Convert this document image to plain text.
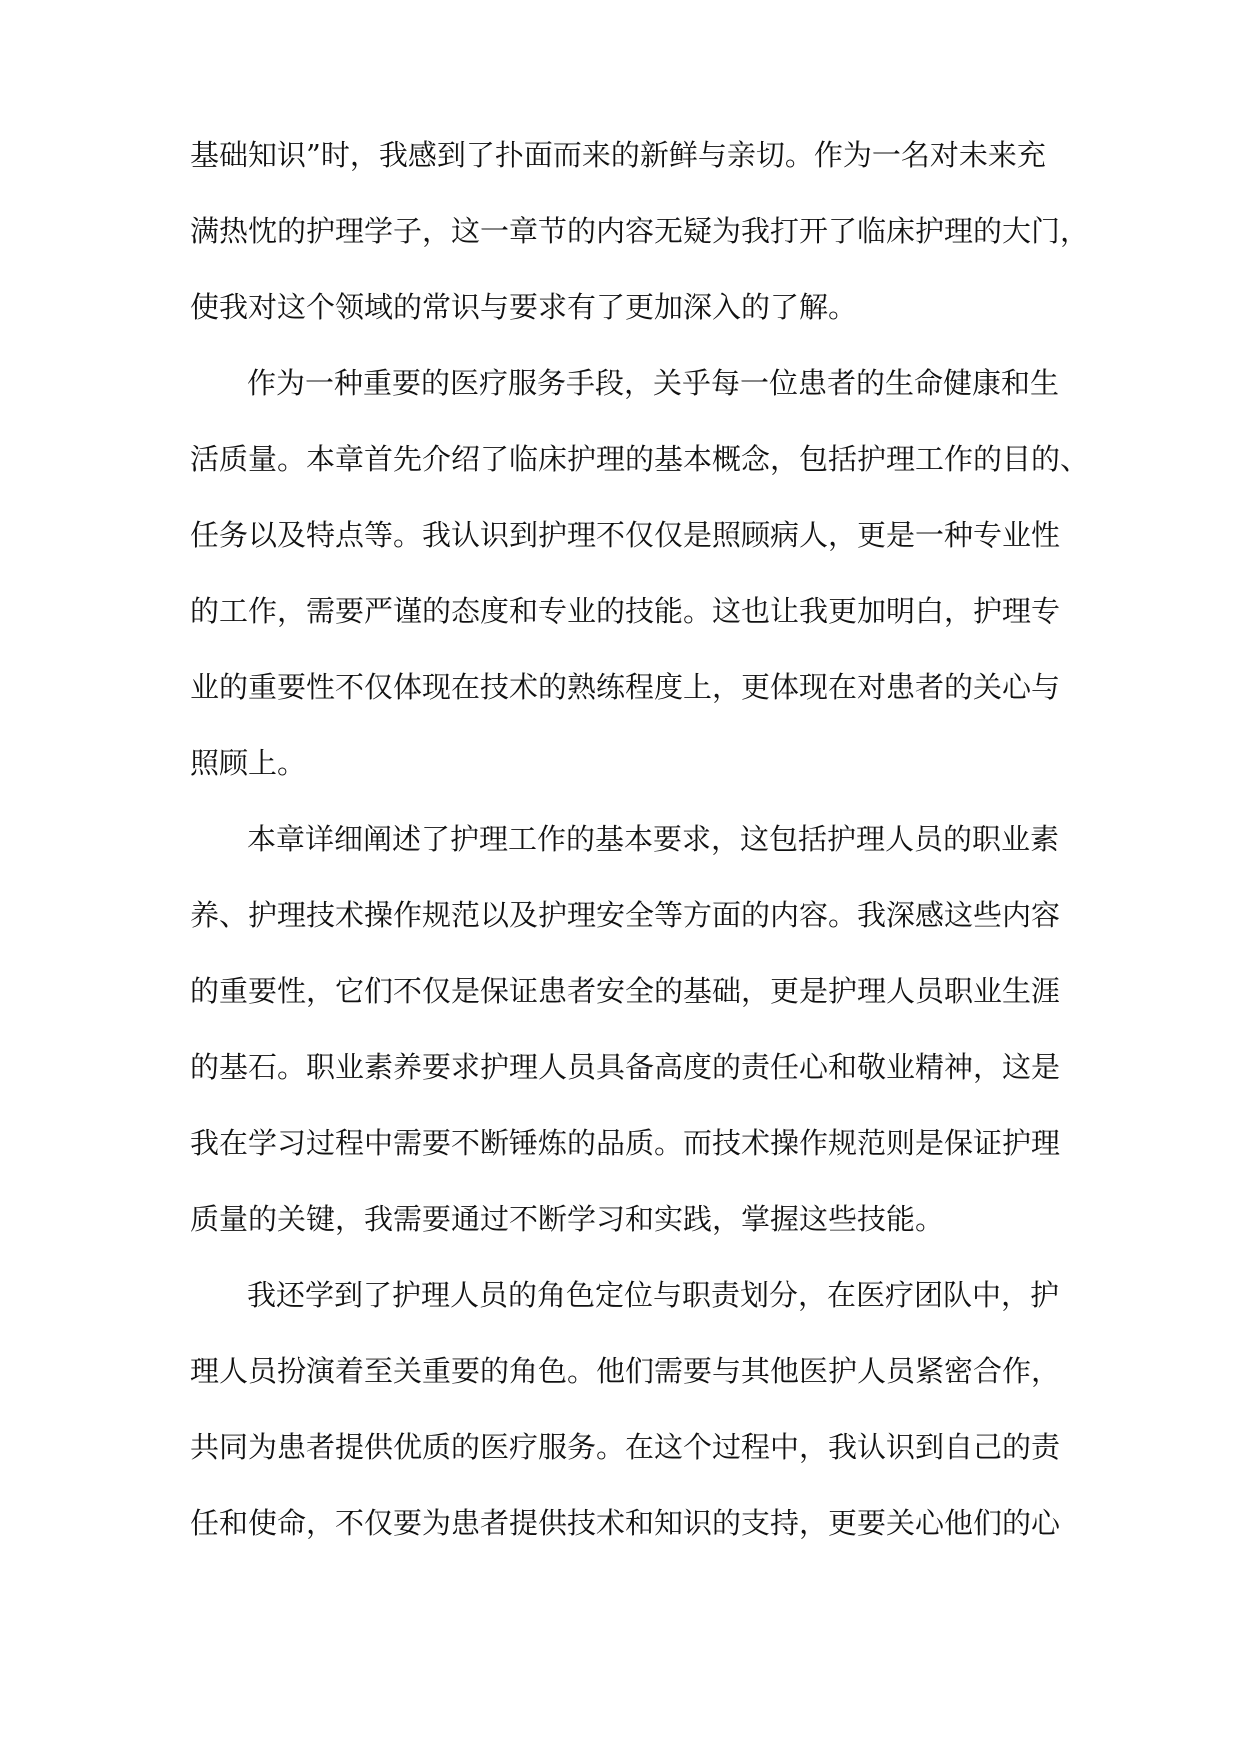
基础知识”时，我感到了扑面而来的新鲜与亲切。作为一名对未来充
满热忱的护理学子，这一章节的内容无疑为我打开了临床护理的大门，
使我对这个领域的常识与要求有了更加深入的了解。
作为一种重要的医疗服务手段，关乎每一位患者的生命健康和生
活质量。本章首先介绍了临床护理的基本概念，包括护理工作的目的、
任务以及特点等。我认识到护理不仅仅是照顾病人，更是一种专业性
的工作，需要严谨的态度和专业的技能。这也让我更加明白，护理专
业的重要性不仅体现在技术的熟练程度上，更体现在对患者的关心与
照顾上。
本章详细阐述了护理工作的基本要求，这包括护理人员的职业素
养、护理技术操作规范以及护理安全等方面的内容。我深感这些内容
的重要性，它们不仅是保证患者安全的基础，更是护理人员职业生涯
的基石。职业素养要求护理人员具备高度的责任心和敬业精神，这是
我在学习过程中需要不断锤炼的品质。而技术操作规范则是保证护理
质量的关键，我需要通过不断学习和实践，掌握这些技能。
我还学到了护理人员的角色定位与职责划分，在医疗团队中，护
理人员扮演着至关重要的角色。他们需要与其他医护人员紧密合作，
共同为患者提供优质的医疗服务。在这个过程中，我认识到自己的责
任和使命，不仅要为患者提供技术和知识的支持，更要关心他们的心
